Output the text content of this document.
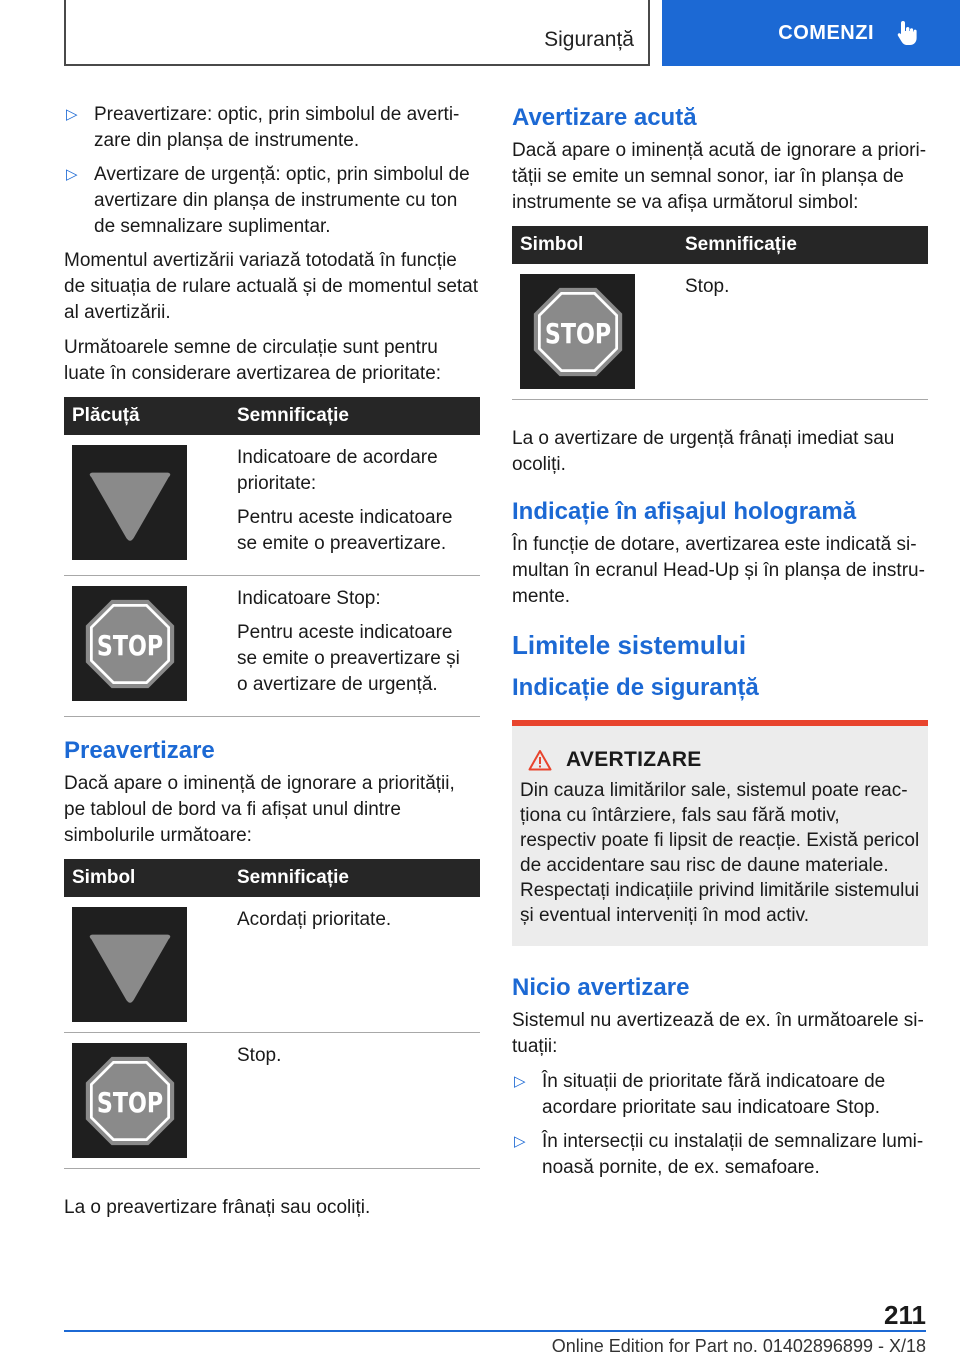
Siguranță	COMENZI
▷ Preavertizare: optic, prin simbolul de avertizare din planșa de instrumente.
▷ Avertizare de urgență: optic, prin simbolul de avertizare din planșa de instrumente cu ton de semnalizare suplimentar.
Momentul avertizării variază totodată în funcție de situația de rulare actuală și de momentul setat al avertizării.
Următoarele semne de circulație sunt pentru luate în considerare avertizarea de prioritate:
Plăcuță	Semnificație

Indicatoare de acordare prioritate:
Pentru aceste indicatoare se emite o preavertizare.

STOP	Indicatoare Stop:
Pentru aceste indicatoare se emite o preavertizare și o avertizare de urgență.
Preavertizare
Dacă apare o iminență de ignorare a priorității, pe tabloul de bord va fi afișat unul dintre simbolurile următoare:
Simbol	Semnificație

Acordați prioritate.

STOP	Stop.
La o preavertizare frânați sau ocoliți.
Avertizare acută
Dacă apare o iminență acută de ignorare a priorității se emite un semnal sonor, iar în planșa de instrumente se va afișa următorul simbol:
Simbol	Semnificație

STOP	Stop.
La o avertizare de urgență frânați imediat sau ocoliți.
Indicație în afișajul hologramă
În funcție de dotare, avertizarea este indicată simultan în ecranul Head-Up și în planșa de instrumente.
Limitele sistemului
Indicație de siguranță
AVERTIZARE
Din cauza limitărilor sale, sistemul poate reacționa cu întârziere, fals sau fără motiv, respectiv poate fi lipsit de reacție. Există pericol de accidentare sau risc de daune materiale. Respectați indicațiile privind limitările sistemului și eventual interveniți în mod activ.
Nicio avertizare
Sistemul nu avertizează de ex. în următoarele situații:
▷ În situații de prioritate fără indicatoare de acordare prioritate sau indicatoare Stop.
▷ În intersecții cu instalații de semnalizare luminoasă pornite, de ex. semafoare.
211
Online Edition for Part no. 01402896899 - X/18
